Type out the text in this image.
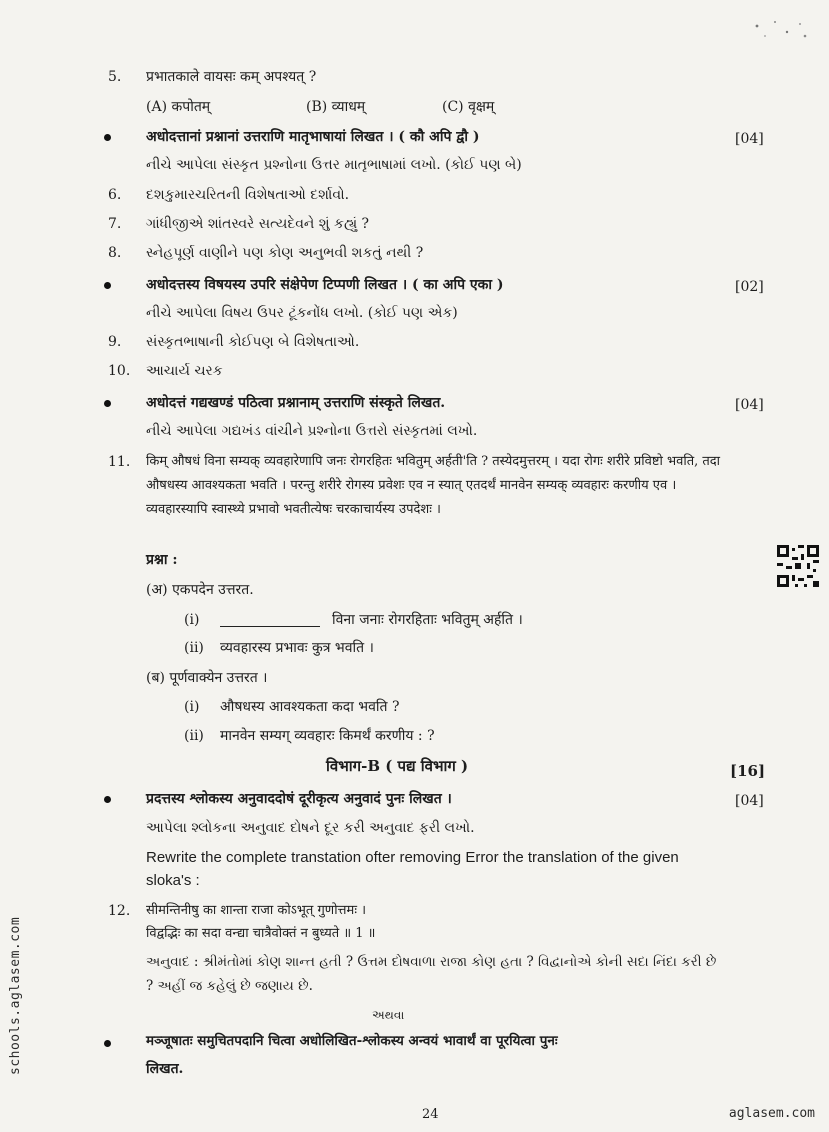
5. प्रभातकाले वायसः कम् अपश्यत् ?
(A) कपोतम्	(B) व्याधम्	(C) वृक्षम्
अधोदत्तानां प्रश्नानां उत्तराणि मातृभाषायां लिखत । ( कौ अपि द्वौ )	[04]
નીચે આપેલા સંસ્કૃત પ્રશ્નોના ઉત્તર માતૃભાષામાં લખો. (કોઈ પણ બે)
6. દશકુમારચરિતની વિશેષતાઓ દર્શાવો.
7. ગાંધીજીએ શાંતસ્વરે સત્યદેવને શું કહ્યું ?
8. સ્નેહપૂર્ણ વાણીને પણ કોણ અનુભવી શકતું નથી ?
अधोदत्तस्य विषयस्य उपरि संक्षेपेण टिप्पणी लिखत । ( का अपि एका )	[02]
નીચે આપેલા વિષય ઉપર ટૂંકનોંધ લખો. (કોઈ પણ એક)
9. સંસ્કૃતભાષાની કોઈપણ બે વિશેષતાઓ.
10. આચાર્ય ચરક
अधोदत्तं गद्यखण्डं पठित्वा प्रश्नानाम् उत्तराणि संस्कृते लिखत.	[04]
નીચે આપેલા ગદ્યખંડ વાંચીને પ્રશ્નોના ઉત્તરો સંસ્કૃતમાં લખો.
11. किम् औषधं विना सम्यक् व्यवहारेणापि जनः रोगरहितः भवितुम् अर्हती'ति ? तस्येदमुत्तरम् । यदा रोगः शरीरे प्रविष्टो भवति, तदा औषधस्य आवश्यकता भवति । परन्तु शरीरे रोगस्य प्रवेशः एव न स्यात् एतदर्थं मानवेन सम्यक् व्यवहारः करणीय एव । व्यवहारस्यापि स्वास्थ्ये प्रभावो भवतीत्येषः चरकाचार्यस्य उपदेशः ।
प्रश्ना :
(अ) एकपदेन उत्तरत.
(i)	विना जनाः रोगरहिताः भवितुम् अर्हति ।
(ii) व्यवहारस्य प्रभावः कुत्र भवति ।
(ब) पूर्णवाक्येन उत्तरत ।
(i) औषधस्य आवश्यकता कदा भवति ?
(ii) मानवेन सम्यग् व्यवहारः किमर्थं करणीय : ?
विभाग-B ( पद्य विभाग )	[16]
प्रदत्तस्य श्लोकस्य अनुवाददोषं दूरीकृत्य अनुवादं पुनः लिखत ।	[04]
આપેલા શ્લોકના અનુવાદ દોષને દૂર કરી અનુવાદ ફરી લખો.
Rewrite the complete transtation ofter removing Error the translation of the given sloka's :
12. सीमन्तिनीषु का शान्ता राजा कोऽभूत् गुणोत्तमः ।
विद्वद्भिः का सदा वन्द्या चात्रैवोक्तं न बुध्यते ॥ 1 ॥
અનુવાદ : શ્રીમંતોમાં કોણ શાન્ત હતી ? ઉત્તમ દોષવાળા રાજા કોણ હતા ? વિદ્વાનોએ કોની સદા નિંદા કરી છે ? અહીં જ કહેલું છે જણાય છે.
અથવા
मञ्जूषातः समुचितपदानि चित्वा अधोलिखित-श्लोकस्य अन्वयं भावार्थं वा पूरयित्वा पुनः
लिखत.
24	aglasem.com
schools.aglasem.com
